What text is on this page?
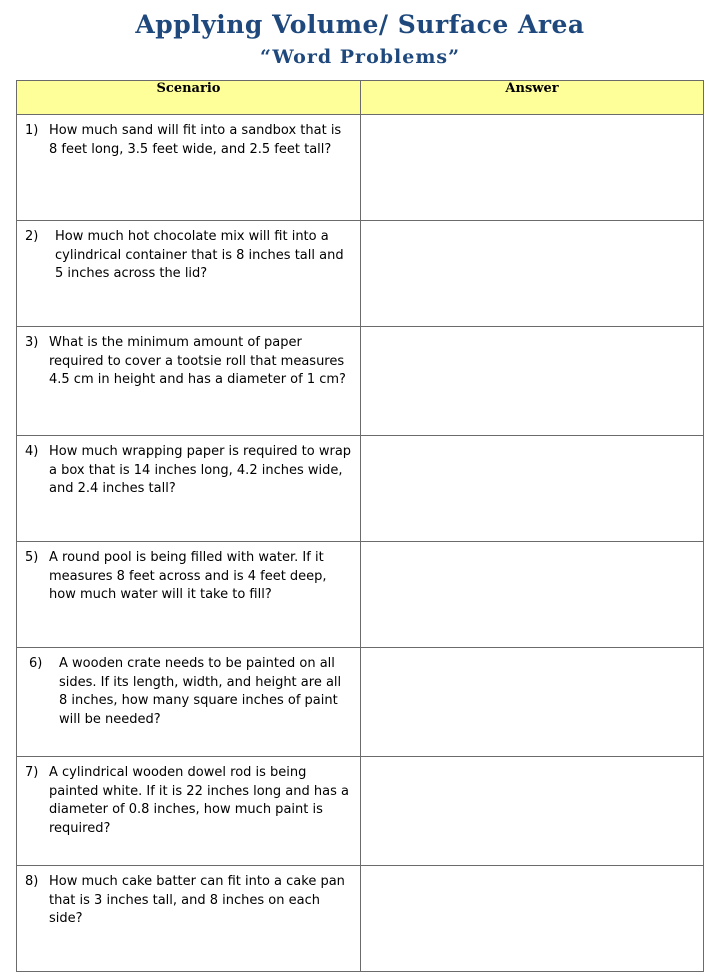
Applying Volume/ Surface Area
“Word Problems”
Scenario	Answer

1) How much sand will fit into a sandbox that is 8 feet long, 3.5 feet wide, and 2.5 feet tall?	

2) How much hot chocolate mix will fit into a cylindrical container that is 8 inches tall and 5 inches across the lid?	

3) What is the minimum amount of paper required to cover a tootsie roll that measures 4.5 cm in height and has a diameter of 1 cm?	

4) How much wrapping paper is required to wrap a box that is 14 inches long, 4.2 inches wide, and 2.4 inches tall?	

5) A round pool is being filled with water. If it measures 8 feet across and is 4 feet deep, how much water will it take to fill?	

6) A wooden crate needs to be painted on all sides. If its length, width, and height are all 8 inches, how many square inches of paint will be needed?	

7) A cylindrical wooden dowel rod is being painted white. If it is 22 inches long and has a diameter of 0.8 inches, how much paint is required?	

8) How much cake batter can fit into a cake pan that is 3 inches tall, and 8 inches on each side?	
